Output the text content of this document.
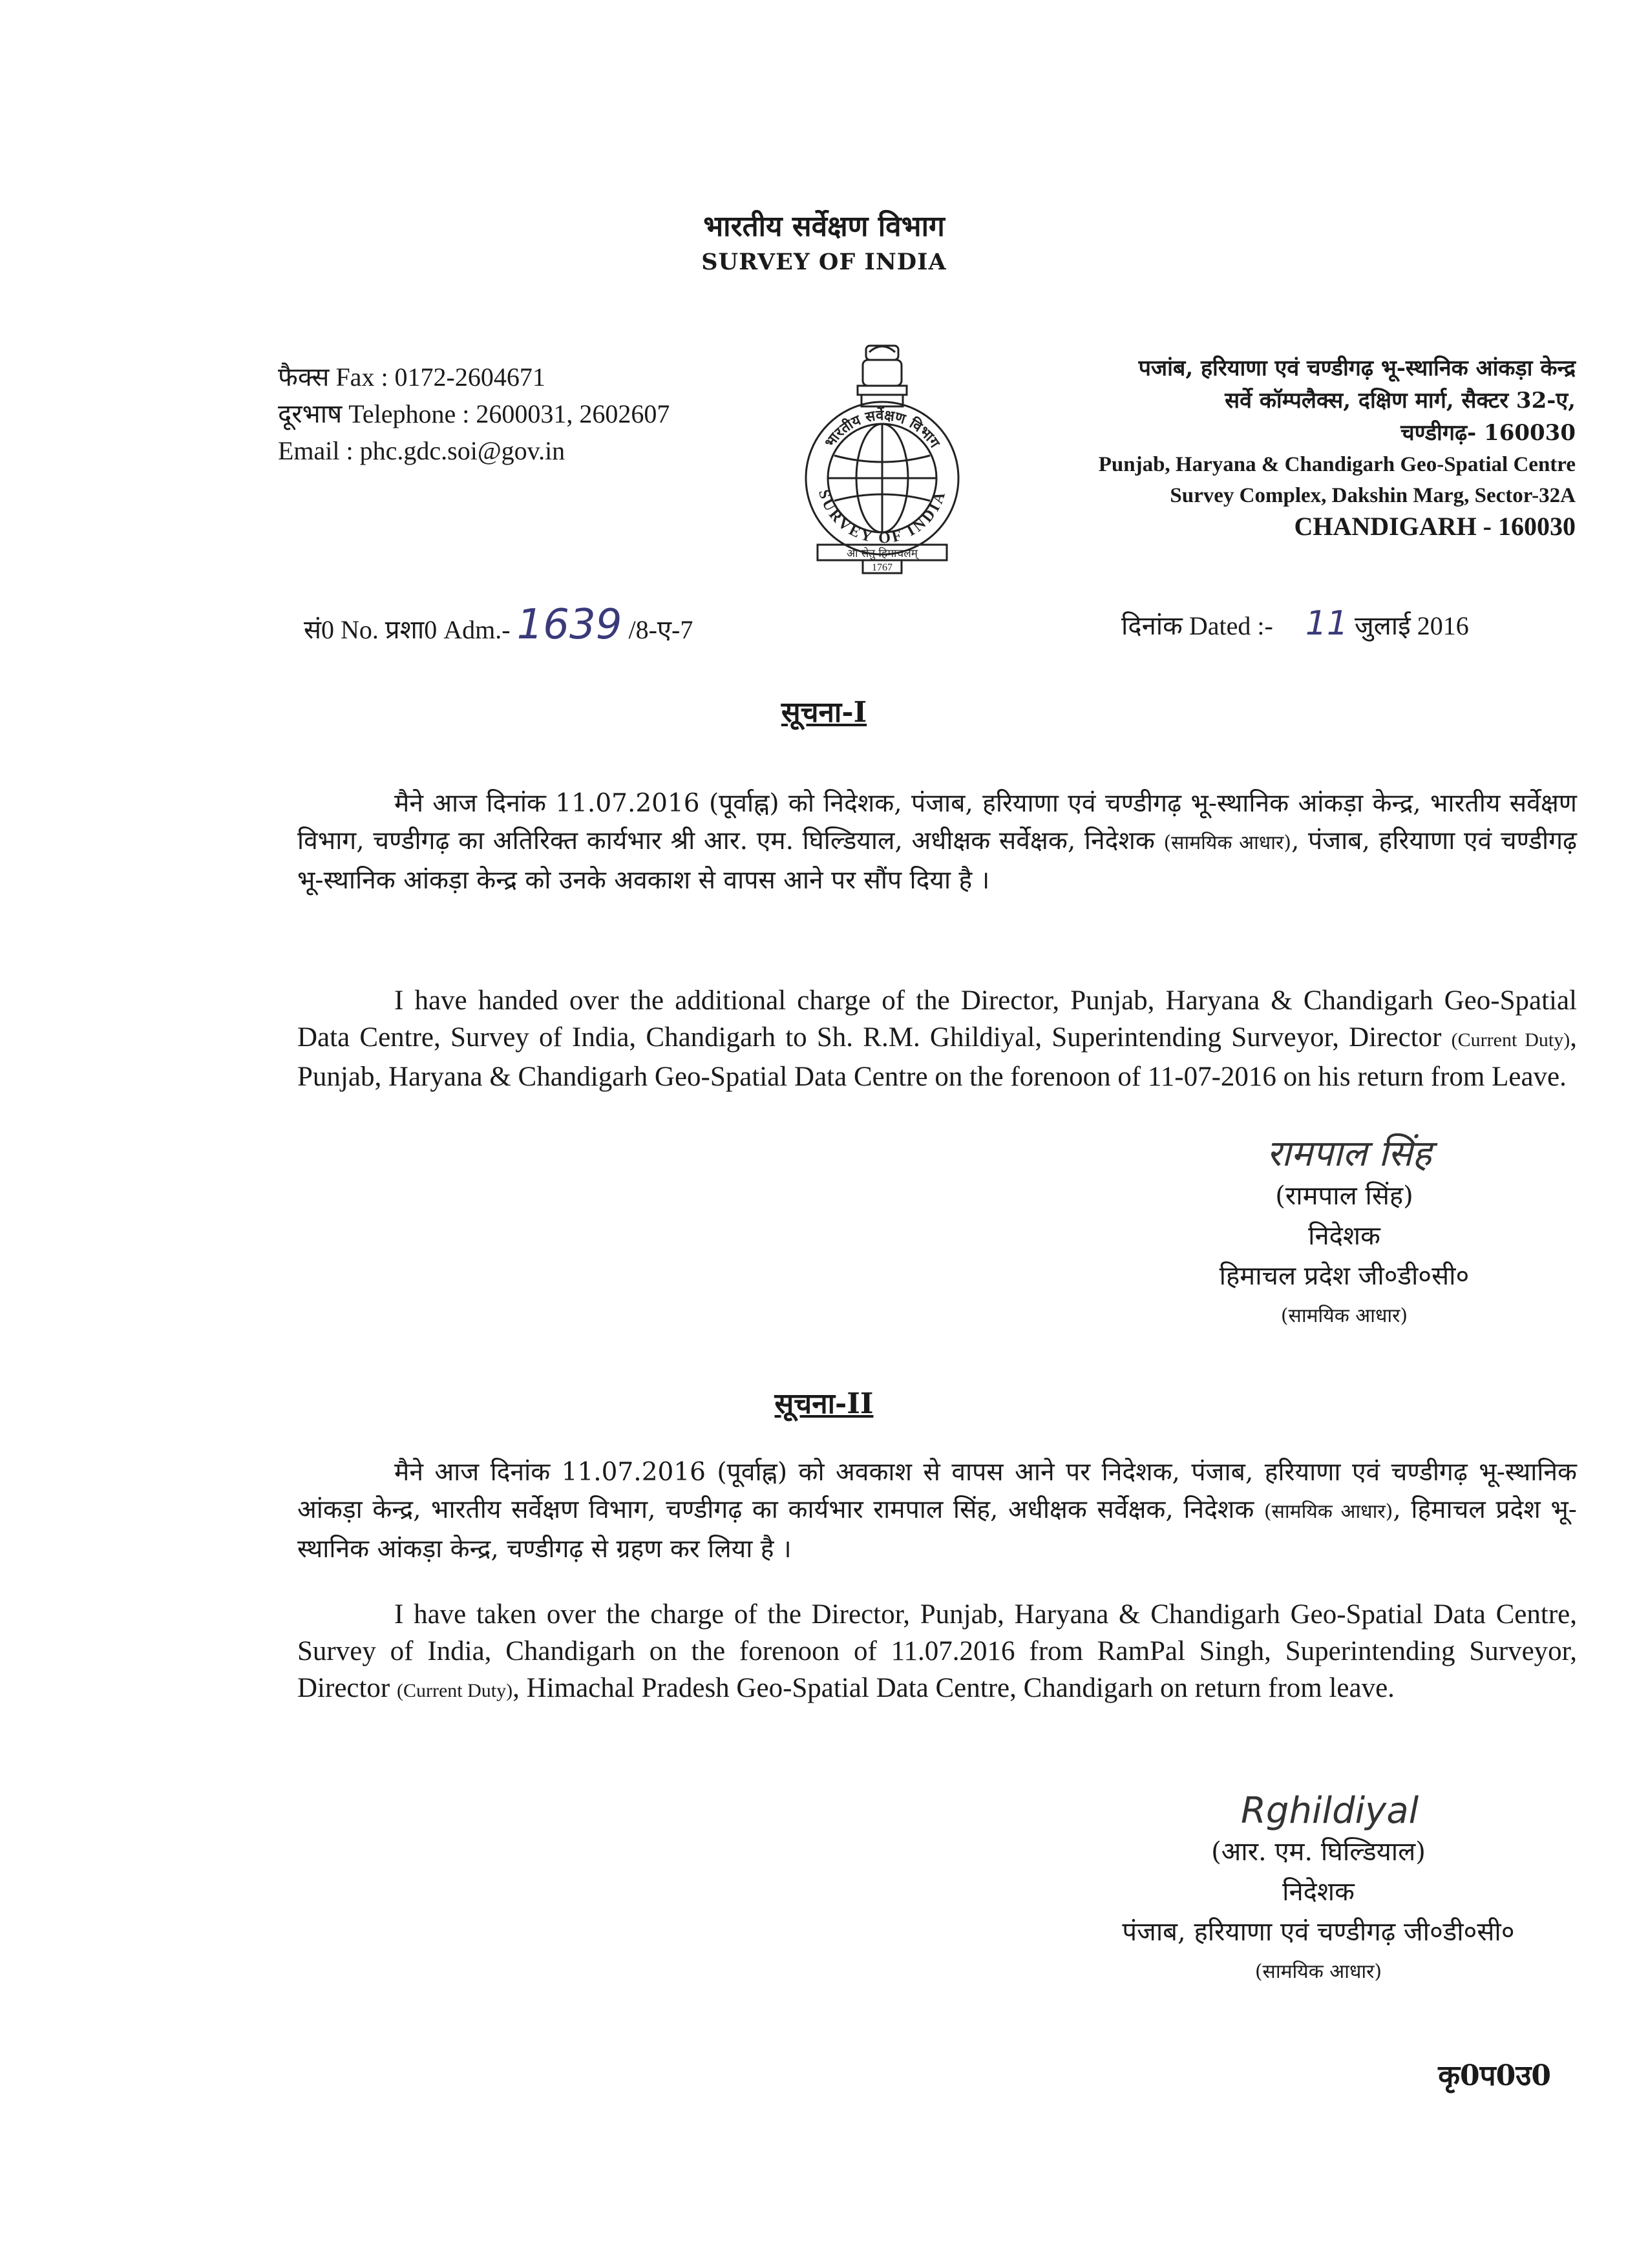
भारतीय सर्वेक्षण विभाग
SURVEY OF INDIA
फैक्स Fax : 0172-2604671
दूरभाष Telephone : 2600031, 2602607
Email : phc.gdc.soi@gov.in	भारतीय सर्वेक्षण विभाग
SURVEY OF INDIA
आ सेतु हिमाचलम्
1767
पजांब, हरियाणा एवं चण्डीगढ़ भू-स्थानिक आंकड़ा केन्द्र
सर्वे कॉम्पलैक्स, दक्षिण मार्ग, सैक्टर 32-ए,
चण्डीगढ़- 160030
Punjab, Haryana & Chandigarh Geo-Spatial Centre
Survey Complex, Dakshin Marg, Sector-32A
CHANDIGARH - 160030
सं0 No. प्रशा0 Adm.- 1639 /8-ए-7	दिनांक Dated :- 11 जुलाई 2016
सूचना-I
मैने आज दिनांक 11.07.2016 (पूर्वाह्न) को निदेशक, पंजाब, हरियाणा एवं चण्डीगढ़ भू-स्थानिक आंकड़ा केन्द्र, भारतीय सर्वेक्षण विभाग, चण्डीगढ़ का अतिरिक्त कार्यभार श्री आर. एम. घिल्डियाल, अधीक्षक सर्वेक्षक, निदेशक (सामयिक आधार), पंजाब, हरियाणा एवं चण्डीगढ़ भू-स्थानिक आंकड़ा केन्द्र को उनके अवकाश से वापस आने पर सौंप दिया है ।
I have handed over the additional charge of the Director, Punjab, Haryana & Chandigarh Geo-Spatial Data Centre, Survey of India, Chandigarh to Sh. R.M. Ghildiyal, Superintending Surveyor, Director (Current Duty), Punjab, Haryana & Chandigarh Geo-Spatial Data Centre on the forenoon of 11-07-2016 on his return from Leave.
रामपाल सिंह
(रामपाल सिंह)
निदेशक
हिमाचल प्रदेश जी०डी०सी०
(सामयिक आधार)
सूचना-II
मैने आज दिनांक 11.07.2016 (पूर्वाह्न) को अवकाश से वापस आने पर निदेशक, पंजाब, हरियाणा एवं चण्डीगढ़ भू-स्थानिक आंकड़ा केन्द्र, भारतीय सर्वेक्षण विभाग, चण्डीगढ़ का कार्यभार रामपाल सिंह, अधीक्षक सर्वेक्षक, निदेशक (सामयिक आधार), हिमाचल प्रदेश भू-स्थानिक आंकड़ा केन्द्र, चण्डीगढ़ से ग्रहण कर लिया है ।
I have taken over the charge of the Director, Punjab, Haryana & Chandigarh Geo-Spatial Data Centre, Survey of India, Chandigarh on the forenoon of 11.07.2016 from RamPal Singh, Superintending Surveyor, Director (Current Duty), Himachal Pradesh Geo-Spatial Data Centre, Chandigarh on return from leave.
Rghildiyal
(आर. एम. घिल्डियाल)
निदेशक
पंजाब, हरियाणा एवं चण्डीगढ़ जी०डी०सी०
(सामयिक आधार)
कृ0प0उ0
